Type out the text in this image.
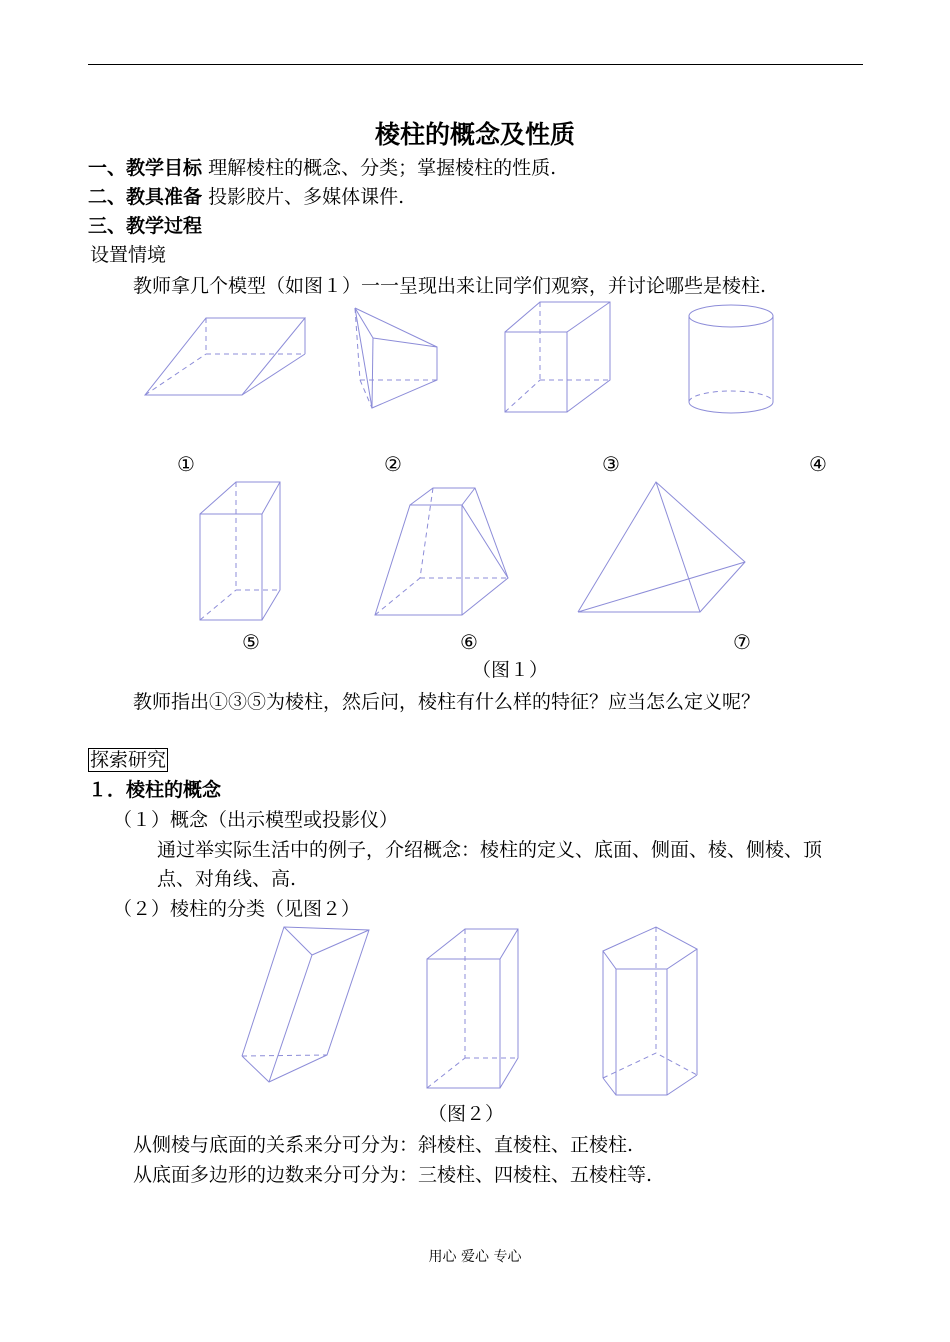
棱柱的概念及性质
一、教学目标 理解棱柱的概念、分类；掌握棱柱的性质.
二、教具准备 投影胶片、多媒体课件.
三、教学过程
设置情境
教师拿几个模型（如图１）一一呈现出来让同学们观察，并讨论哪些是棱柱.
①	②	③	④
⑤	⑥	⑦
（图１）
教师指出①③⑤为棱柱，然后问，棱柱有什么样的特征？应当怎么定义呢？
探索研究
１．棱柱的概念
（１）概念（出示模型或投影仪）
通过举实际生活中的例子，介绍概念：棱柱的定义、底面、侧面、棱、侧棱、顶
点、对角线、高.
（２）棱柱的分类（见图２）
（图２）
从侧棱与底面的关系来分可分为：斜棱柱、直棱柱、正棱柱.
从底面多边形的边数来分可分为：三棱柱、四棱柱、五棱柱等.
用心 爱心 专心
